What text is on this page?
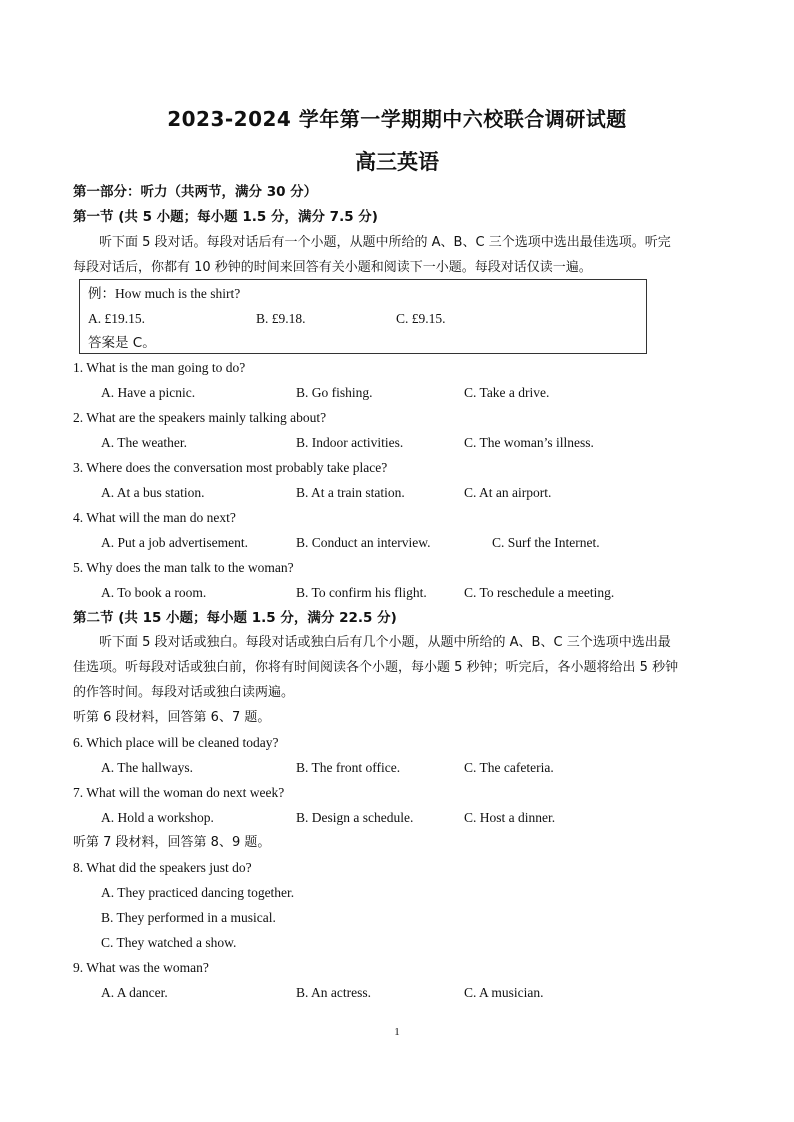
2023-2024 学年第一学期期中六校联合调研试题
高三英语
第一部分：听力（共两节，满分 30 分）
第一节 (共 5 小题；每小题 1.5 分，满分 7.5 分)
听下面 5 段对话。每段对话后有一个小题，从题中所给的 A、B、C 三个选项中选出最佳选项。听完
每段对话后，你都有 10 秒钟的时间来回答有关小题和阅读下一小题。每段对话仅读一遍。
例：How much is the shirt?
A. £19.15.	B. £9.18.	C. £9.15.
答案是 C。
1. What is the man going to do?
A. Have a picnic.	B. Go fishing.	C. Take a drive.
2. What are the speakers mainly talking about?
A. The weather.	B. Indoor activities.	C. The woman’s illness.
3. Where does the conversation most probably take place?
A. At a bus station.	B. At a train station.	C. At an airport.
4. What will the man do next?
A. Put a job advertisement.	B. Conduct an interview.	C. Surf the Internet.
5. Why does the man talk to the woman?
A. To book a room.	B. To confirm his flight.	C. To reschedule a meeting.
第二节 (共 15 小题；每小题 1.5 分，满分 22.5 分)
听下面 5 段对话或独白。每段对话或独白后有几个小题，从题中所给的 A、B、C 三个选项中选出最
佳选项。听每段对话或独白前，你将有时间阅读各个小题，每小题 5 秒钟；听完后，各小题将给出 5 秒钟
的作答时间。每段对话或独白读两遍。
听第 6 段材料，回答第 6、7 题。
6. Which place will be cleaned today?
A. The hallways.	B. The front office.	C. The cafeteria.
7. What will the woman do next week?
A. Hold a workshop.	B. Design a schedule.	C. Host a dinner.
听第 7 段材料，回答第 8、9 题。
8. What did the speakers just do?
A. They practiced dancing together.
B. They performed in a musical.
C. They watched a show.
9. What was the woman?
A. A dancer.	B. An actress.	C. A musician.
1
